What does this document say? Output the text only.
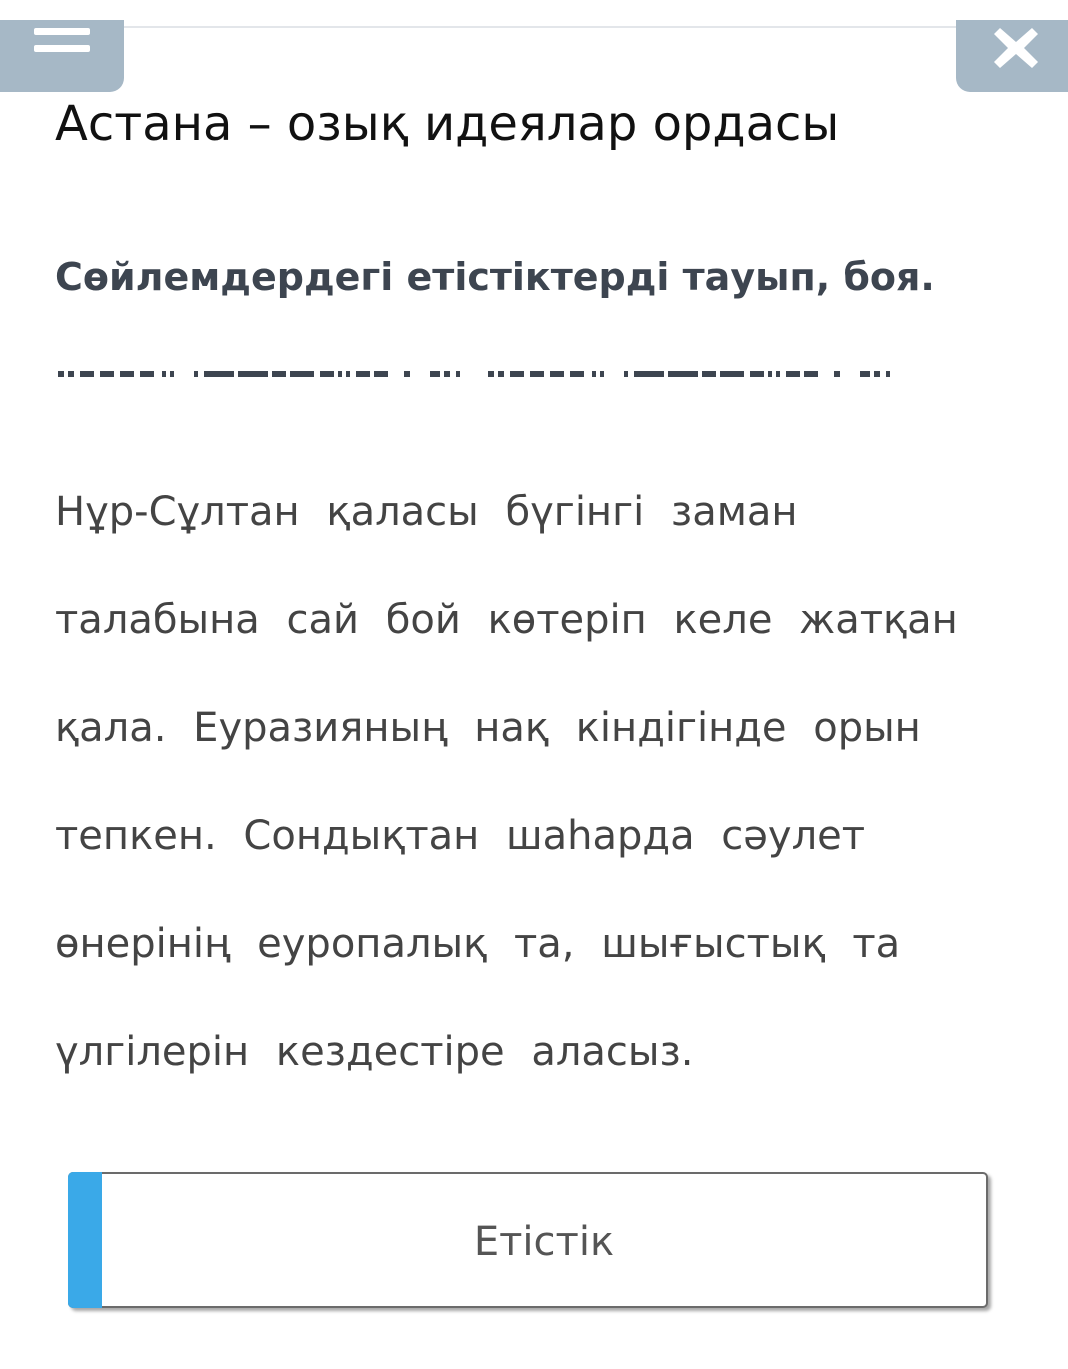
Астана – озық идеялар ордасы

Сөйлемдердегі етістіктерді тауып, боя.

Нұр-Сұлтан қаласы бүгінгі заман
талабына сай бой көтеріп келе жатқан
қала. Еуразияның нақ кіндігінде орын
тепкен. Сондықтан шаһарда сәулет
өнерінің еуропалық та, шығыстық та
үлгілерін кездестіре аласыз.
Етістік
